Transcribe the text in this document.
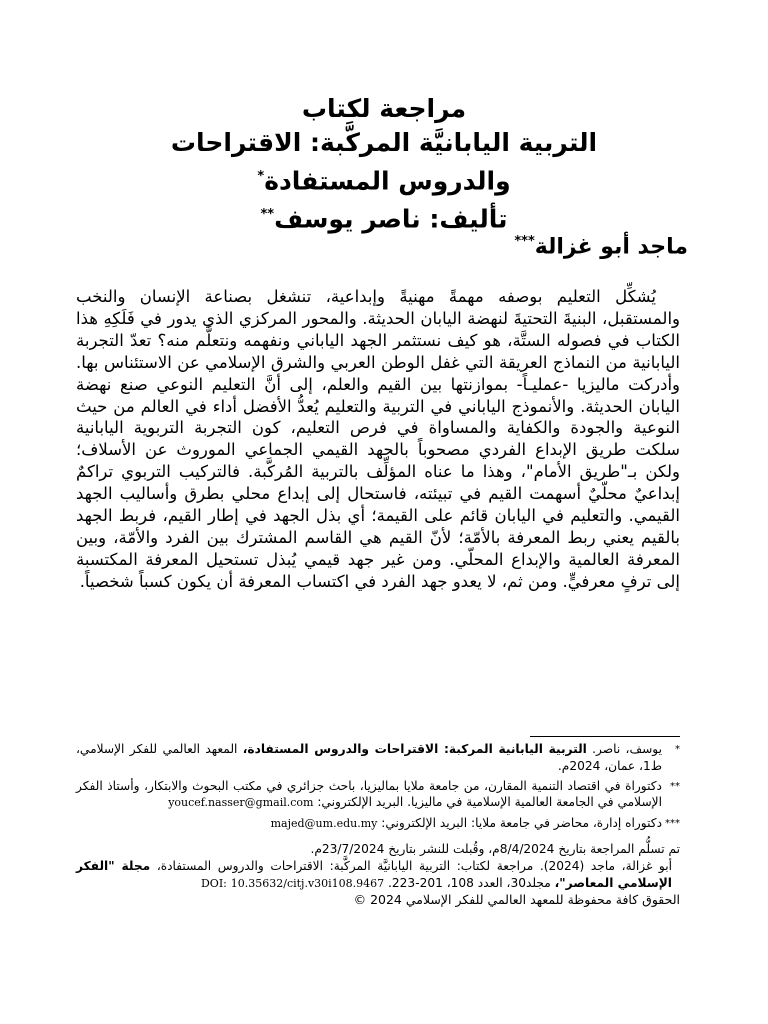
مراجعة لكتاب
التربية اليابانيَّة المركَّبة: الاقتراحات
والدروس المستفادة*
تأليف: ناصر يوسف**
ماجد أبو غزالة***

يُشكِّل التعليم بوصفه مهمةً مهنيةً وإبداعية، تنشغل بصناعة الإنسان والنخب والمستقبل، البنيةَ التحتيةَ لنهضة اليابان الحديثة. والمحور المركزي الذي يدور في فَلَكِهِ هذا الكتاب في فصوله الستَّة، هو كيف نستثمر الجهد الياباني ونفهمه ونتعلَّم منه؟ تعدّ التجربة اليابانية من النماذج العريقة التي غفل الوطن العربي والشرق الإسلامي عن الاستئناس بها. وأدركت ماليزيا -عمليـاً- بموازنتها بين القيم والعلم، إلى أنَّ التعليم النوعي صنع نهضة اليابان الحديثة. والأنموذج الياباني في التربية والتعليم يُعدُّ الأفضل أداء في العالم من حيث النوعية والجودة والكفاية والمساواة في فرص التعليم، كون التجربة التربوية اليابانية سلكت طريق الإبداع الفردي مصحوباً بالجهد القيمي الجماعي الموروث عن الأسلاف؛ ولكن بـ"طريق الأمام"، وهذا ما عناه المؤلِّف بالتربية المُركَّبة. فالتركيب التربوي تراكمٌ إبداعيٌ محلّيٌ أسهمت القيم في تبيئته، فاستحال إلى إبداع محلي بطرق وأساليب الجهد القيمي. والتعليم في اليابان قائم على القيمة؛ أي بذل الجهد في إطار القيم، فربط الجهد بالقيم يعني ربط المعرفة بالأمّة؛ لأنّ القيم هي القاسم المشترك بين الفرد والأمّة، وبين المعرفة العالمية والإبداع المحلّي. ومن غير جهد قيمي يُبذل تستحيل المعرفة المكتسبة إلى ترفٍ معرفيٍّ. ومن ثم، لا يعدو جهد الفرد في اكتساب المعرفة أن يكون كسباً شخصياً.

*
يوسف، ناصر. التربية اليابانية المركبة: الاقتراحات والدروس المستفادة، المعهد العالمي للفكر الإسلامي، ط1، عمان، 2024م.
**
دكتوراة في اقتصاد التنمية المقارن، من جامعة ملايا بماليزيا، باحث جزائري في مكتب البحوث والابتكار، وأستاذ الفكر الإسلامي في الجامعة العالمية الإسلامية في ماليزيا. البريد الإلكتروني: youcef.nasser@gmail.com
***
دكتوراه إدارة، محاضر في جامعة ملايا: البريد الإلكتروني: majed@um.edu.my
تم تسلُّم المراجعة بتاريخ 8/4/2024م، وقُبلت للنشر بتاريخ 23/7/2024م.
أبو غزالة، ماجد (2024). مراجعة لكتاب: التربية اليابانيَّة المركَّبة: الاقتراحات والدروس المستفادة، مجلة "الفكر الإسلامي المعاصر"، مجلد30، العدد 108، 201-223. DOI: 10.35632/citj.v30i108.9467
الحقوق كافة محفوظة للمعهد العالمي للفكر الإسلامي 2024 ©
